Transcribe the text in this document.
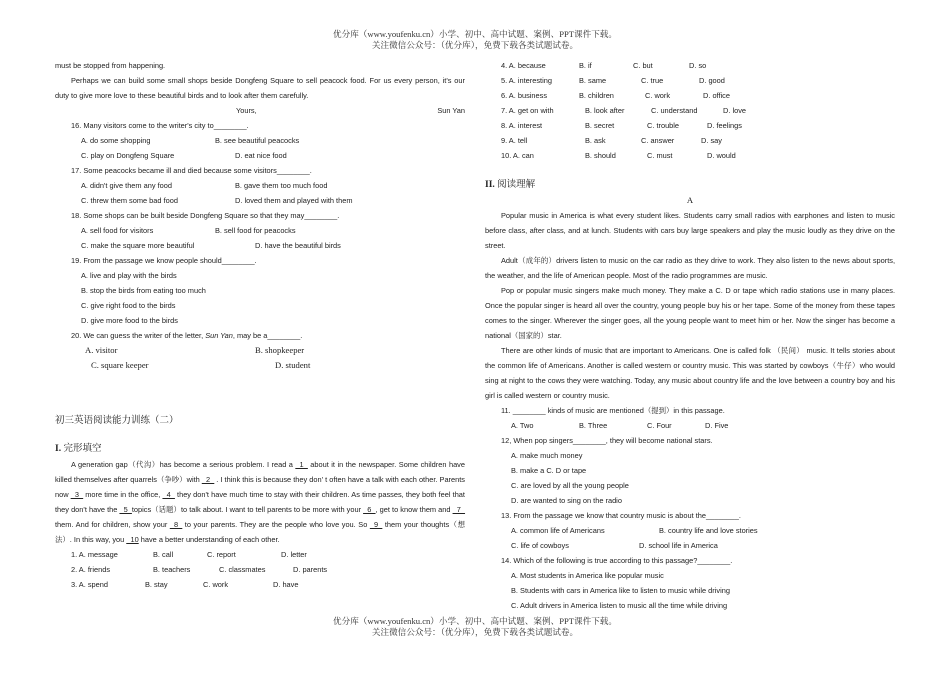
优分库（www.youfenku.cn）小学、初中、高中试题、案例、PPT课件下载。
关注微信公众号：（优分库），免费下载各类试题试卷。

must be stopped from happening.

Perhaps we can build some small shops beside Dongfeng Square to sell peacock food. For us every person, it's our duty to give more love to these beautiful birds and to look after them carefully.

Yours,	Sun Yan
16. Many visitors come to the writer's city to________.
A. do some shopping	B. see beautiful peacocks
C. play on Dongfeng Square	D. eat nice food
17. Some peacocks became ill and died because some visitors________.
A. didn't give them any food	B. gave them too much food
C. threw them some bad food	D. loved them and played with them
18. Some shops can be built beside Dongfeng Square so that they may________.
A. sell food for visitors	B. sell food for peacocks
C. make the square more beautiful	D. have the beautiful birds
19. From the passage we know people should________.
A. live and play with the birds
B. stop the birds from eating too much
C. give right food to the birds
D. give more food to the birds
20. We can guess the writer of the letter, Sun Yan, may be a________.
A. visitor	B. shopkeeper
C. square keeper	D. student

初三英语阅读能力训练（二）

I. 完形填空

A generation gap（代沟）has become a serious problem. I read a _1_ about it in the newspaper. Some children have killed themselves after quarrels（争吵）with _2_ . I think this is because they don' t often have a talk with each other. Parents now _3_ more time in the office, _4_ they don't have much time to stay with their children. As time passes, they both feel that they don't have the _5_topics（话题）to talk about. I want to tell parents to be more with your _6_, get to know them and _7_ them. And for children, show your _8_ to your parents. They are the people who love you. So _9_ them your thoughts（想法）. In this way, you _10 have a better understanding of each other.

1. A. message	B. call	C. report	D. letter
2. A. friends	B. teachers	C. classmates	D. parents
3. A. spend	B. stay	C. work	D. have
4. A. because	B. if	C. but	D. so
5. A. interesting	B. same	C. true	D. good
6. A. business	B. children	C. work	D. office
7. A. get on with	B. look after	C. understand	D. love
8. A. interest	B. secret	C. trouble	D. feelings
9. A. tell	B. ask	C. answer	D. say
10. A. can	B. should	C. must	D. would

II. 阅读理解

A

Popular music in America is what every student likes. Students carry small radios with earphones and listen to music before class, after class, and at lunch. Students with cars buy large speakers and play the music loudly as they drive on the street.

Adult（成年的）drivers listen to music on the car radio as they drive to work. They also listen to the news about sports, the weather, and the life of American people. Most of the radio programmes are music.

Pop or popular music singers make much money. They make a C. D or tape which radio stations use in many places. Once the popular singer is heard all over the country, young people buy his or her tape. Some of the money from these tapes comes to the singer. Wherever the singer goes, all the young people want to meet him or her. Now the singer has become a national（国家的）star.

There are other kinds of music that are important to Americans. One is called folk （民间） music. It tells stories about the common life of Americans. Another is called western or country music. This was started by cowboys（牛仔）who would sing at night to the cows they were watching. Today, any music about country life and the love between a country boy and his girl is called western or country music.

11. ________ kinds of music are mentioned（提到）in this passage.
A. Two	B. Three	C. Four	D. Five
12, When pop singers________, they will become national stars.
A. make much money
B. make a C. D or tape
C. are loved by all the young people
D. are wanted to sing on the radio
13. From the passage we know that country music is about the________.
A. common life of Americans	B. country life and love stories
C. life of cowboys	D. school life in America
14. Which of the following is true according to this passage?________.
A. Most students in America like popular music
B. Students with cars in America like to listen to music while driving
C. Adult drivers in America listen to music all the time while driving
优分库（www.youfenku.cn）小学、初中、高中试题、案例、PPT课件下载。
关注微信公众号：（优分库），免费下载各类试题试卷。
